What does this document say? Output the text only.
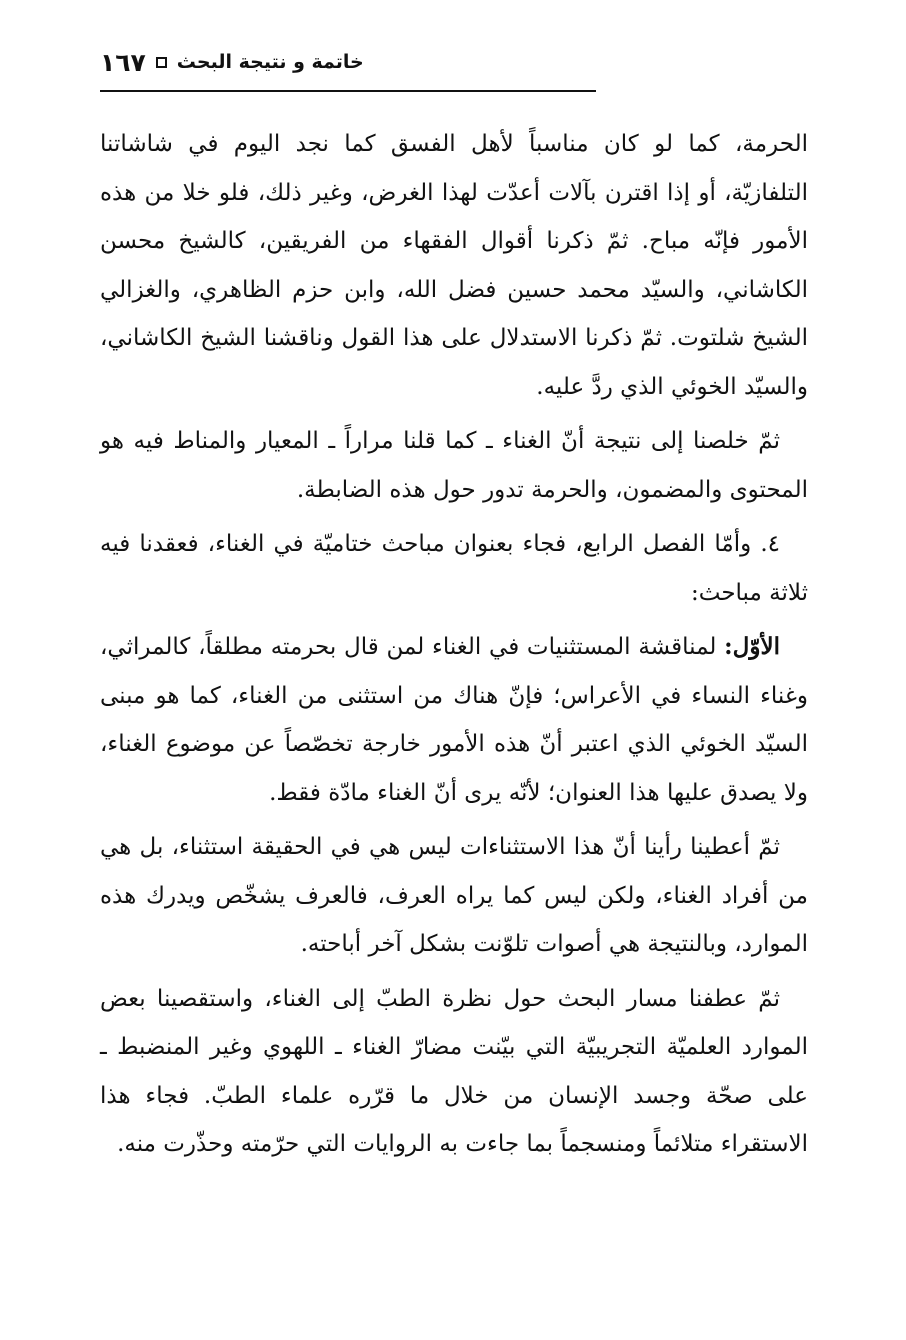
خاتمة و نتيجة البحث
١٦٧

الحرمة، كما لو كان مناسباً لأهل الفسق كما نجد اليوم في شاشاتنا التلفازيّة، أو إذا اقترن بآلات أعدّت لهذا الغرض، وغير ذلك، فلو خلا من هذه الأمور فإنّه مباح. ثمّ ذكرنا أقوال الفقهاء من الفريقين، كالشيخ محسن الكاشاني، والسيّد محمد حسين فضل الله، وابن حزم الظاهري، والغزالي الشيخ شلتوت. ثمّ ذكرنا الاستدلال على هذا القول وناقشنا الشيخ الكاشاني، والسيّد الخوئي الذي ردَّ عليه.

ثمّ خلصنا إلى نتيجة أنّ الغناء ـ كما قلنا مراراً ـ المعيار والمناط فيه هو المحتوى والمضمون، والحرمة تدور حول هذه الضابطة.

٤. وأمّا الفصل الرابع، فجاء بعنوان مباحث ختاميّة في الغناء، فعقدنا فيه ثلاثة مباحث:

الأوّل: لمناقشة المستثنيات في الغناء لمن قال بحرمته مطلقاً، كالمراثي، وغناء النساء في الأعراس؛ فإنّ هناك من استثنى من الغناء، كما هو مبنى السيّد الخوئي الذي اعتبر أنّ هذه الأمور خارجة تخصّصاً عن موضوع الغناء، ولا يصدق عليها هذا العنوان؛ لأنّه يرى أنّ الغناء مادّة فقط.

ثمّ أعطينا رأينا أنّ هذا الاستثناءات ليس هي في الحقيقة استثناء، بل هي من أفراد الغناء، ولكن ليس كما يراه العرف، فالعرف يشخّص ويدرك هذه الموارد، وبالنتيجة هي أصوات تلوّنت بشكل آخر أباحته.

ثمّ عطفنا مسار البحث حول نظرة الطبّ إلى الغناء، واستقصينا بعض الموارد العلميّة التجريبيّة التي بيّنت مضارّ الغناء ـ اللهوي وغير المنضبط ـ على صحّة وجسد الإنسان من خلال ما قرّره علماء الطبّ. فجاء هذا الاستقراء متلائماً ومنسجماً بما جاءت به الروايات التي حرّمته وحذّرت منه.
